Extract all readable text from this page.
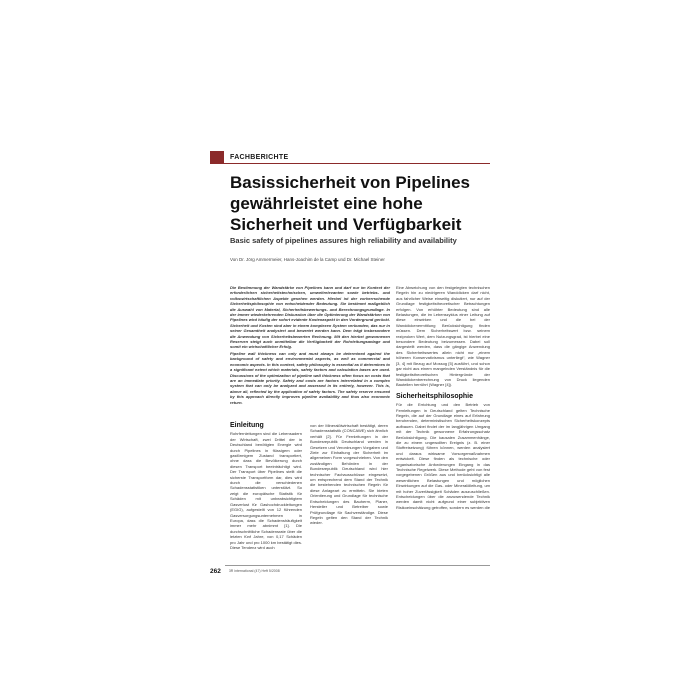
FACHBERICHTE
Basissicherheit von Pipelines gewährleistet eine hohe Sicherheit und Verfügbarkeit
Basic safety of pipelines assures high reliability and availability
Von Dr. Jörg Ammermeier, Hans-Joachim de la Camp und Dr. Michael Steiner

Die Bestimmung der Wandstärke von Pipelines kann und darf nur im Kontext der erforderlichen sicherheitstechnischen, umweltrelevanten sowie betriebs- und volkswirtschaftlichen Aspekte gesehen werden. Hierbei ist der vorherrschende Sicherheitsphilosophie von entscheidender Bedeutung. Sie bestimmt maßgeblich die Auswahl von Material, Sicherheitsbewertungs- und Berechnungsgrundlage. In der immer wiederkehrenden Diskussion über die Optimierung der Wandstärken von Pipelines wird häufig der sofort evidente Kostenaspekt in den Vordergrund gerückt. Sicherheit und Kosten sind aber in einem komplexen System verbunden, das nur in seiner Gesamtheit analysiert und bewertet werden kann. Dem trägt insbesondere die Anwendung von Sicherheitsbewerten Rechnung. Mit den hierbei gewonnenen Reserven steigt auch unmittelbar die Verfügbarkeit der Rohrleitungsanlage und somit ein wirtschaftlicher Erfolg.

Pipeline wall thickness can only and must always be determined against the background of safety and environmental aspects, as well as commercial and economic aspects. In this context, safety philosophy is essential as it determines to a significant extent which materials, safety factors and calculation bases are used. Discussions of the optimization of pipeline wall thickness often focus on costs that are an immediate priority. Safety and costs are factors interrelated in a complex system that can only be analyzed and assessed in its entirety, however. This is, above all, reflected by the application of safety factors. The safety reserve ensured by this approach directly improves pipeline availability and thus also economic return.

Einleitung

Rohrfernleitungen sind die Lebensadern der Wirtschaft, zwei Drittel der in Deutschland benötigten Energie wird durch Pipelines in flüssigem oder gasförmigem Zustand transportiert, ohne dass die Bevölkerung durch diesen Transport beeinträchtigt wird. Der Transport über Pipelines stellt die sicherste Transportform dar, dies wird durch die verschiedenen Schadensstatistiken unterstützt. So zeigt die europäische Statistik für Schäden mit unbeabsichtigtem Gasverlust für Gashochdruckleitungen (EGIG), aufgestellt von 12 führenden Gasversorgungsunternehmen in Europa, dass die Schadenshäufigkeit immer mehr abnimmt [1]. Die durchschnittliche Schadensrate über die letzten fünf Jahre, von 0,17 Schäden pro Jahr und pro 1000 km bestätigt dies. Diese Tendenz wird auch

von der Mineralölwirtschaft bestätigt, deren Schadensstatistik (CONCAWE) sich ähnlich verhält [2]. Für Fernleitungen in der Bundesrepublik Deutschland werden in Gesetzen und Verordnungen Vorgaben und Ziele zur Einhaltung der Sicherheit im allgemeinen Form vorgeschrieben. Von den zuständigen Behörden in der Bundesrepublik Deutschland wird hier technischer Fachausschüsse eingesetzt, um entsprechend dem Stand der Technik die bestehenden technischen Regeln für diese Anlageart zu ermitteln. Sie bieten Orientierung und Grundlage für technische Entscheidungen des Bauherrn, Planer, Hersteller und Betreiber sowie Prüfgrundlage für Sachverständige. Diese Regeln gelten den Stand der Technik wieder.

Eine Abweichung von den festgelegten technischen Regeln hin zu niedrigeren Wanddicken darf nicht, aus fahrlicher Weise einseitig diskutiert, nur auf der Grundlage festigkeitstheoretischer Betrachtungen erfolgen. Von erhöhter Bedeutung sind alle Belastungen, die im Lebenszyklus einer Leitung auf diese einwirken und die bei der Wanddickenermittlung Berücksichtigung finden müssen. Dem Sicherheitswert bzw. seinem reziproken Wert, dem Nutzungsgrad, ist hierbei eine besondere Bedeutung beizumessen. Dabei soll dargestellt werden, dass die gängige Anwendung des Sicherheitswertes allein nicht nur „einem höheren Konservativismus unterliegt“, wie Wagner [3, 4] mit Bezug auf Mossog [5] ausführt, und schon gar nicht aus einem mangelnden Verständnis für die festigkeitstheoretischen Hintergründe der Wanddickenberechnung von Druck liegenden Bauteilen herrührt (Wagner [4]).

Sicherheitsphilosophie

Für die Errichtung und den Betrieb von Fernleitungen in Deutschland gelten Technische Regeln, die auf der Grundlage eines auf Erfahrung beruhenden, deterministischen Sicherheitskonzepts aufbauen. Dabei findet der im langjährigen Umgang mit der Technik gewonnene Erfahrungsschatz Berücksichtigung. Die kausalen Zusammenhänge, die zu einem ungewollten Ereignis (z. B. einer Stoffreisetzung) führen können, werden analysiert und daraus wirksame Vorsorgemaßnahmen entwickelt. Diese finden als technische oder organisatorische Anforderungen Eingang in das Technische Regelwerk. Diese Methode geht von fest vorgegebenen Größen aus und berücksichtigt alle wesentlichen Belastungen und möglichen Einwirkungen auf die Gas- oder Mineralölleitung, um mit hoher Zuverlässigkeit Schäden auszuschließen. Entscheidungen über die anzuwendende Technik werden damit nicht aufgrund einer subjektiven Risikoeinschätzung getroffen, sondern es werden die

262 3R international (47) Heft 5/2008
